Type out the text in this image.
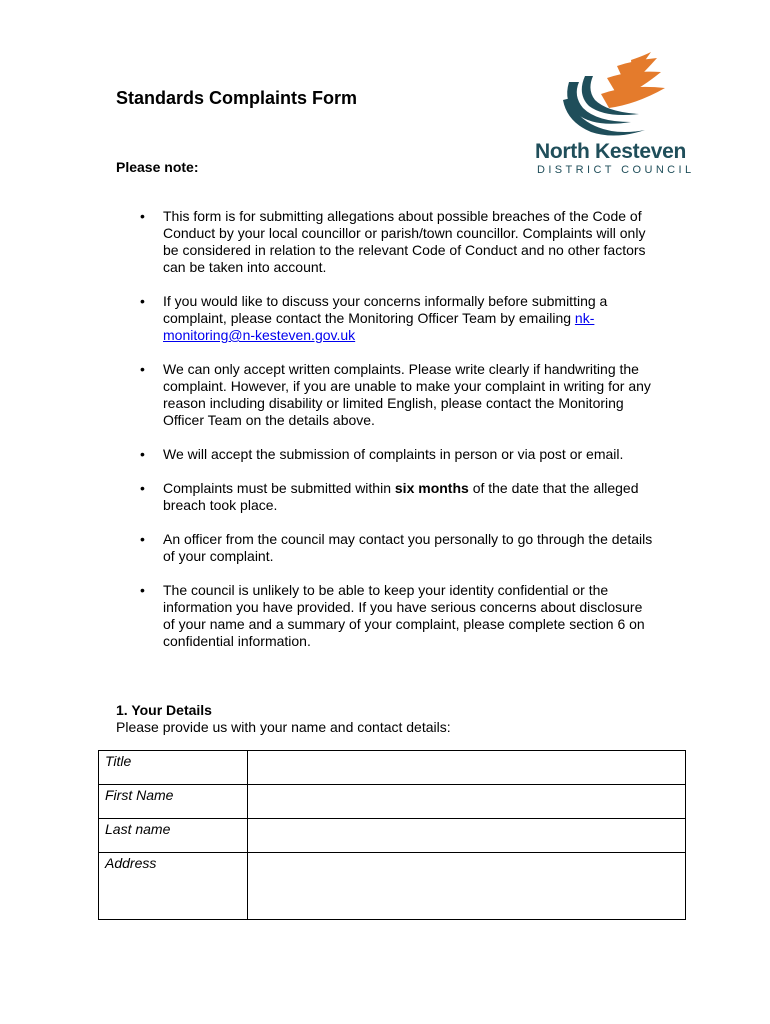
Standards Complaints Form
North Kesteven
DISTRICT COUNCIL

Please note:

• This form is for submitting allegations about possible breaches of the Code of Conduct by your local councillor or parish/town councillor. Complaints will only be considered in relation to the relevant Code of Conduct and no other factors can be taken into account.
• If you would like to discuss your concerns informally before submitting a complaint, please contact the Monitoring Officer Team by emailing nk-monitoring@n-kesteven.gov.uk
• We can only accept written complaints. Please write clearly if handwriting the complaint. However, if you are unable to make your complaint in writing for any reason including disability or limited English, please contact the Monitoring Officer Team on the details above.
• We will accept the submission of complaints in person or via post or email.
• Complaints must be submitted within six months of the date that the alleged breach took place.
• An officer from the council may contact you personally to go through the details of your complaint.
• The council is unlikely to be able to keep your identity confidential or the information you have provided. If you have serious concerns about disclosure of your name and a summary of your complaint, please complete section 6 on confidential information.

1. Your Details

Please provide us with your name and contact details:

Title	

First Name	

Last name	

Address	
